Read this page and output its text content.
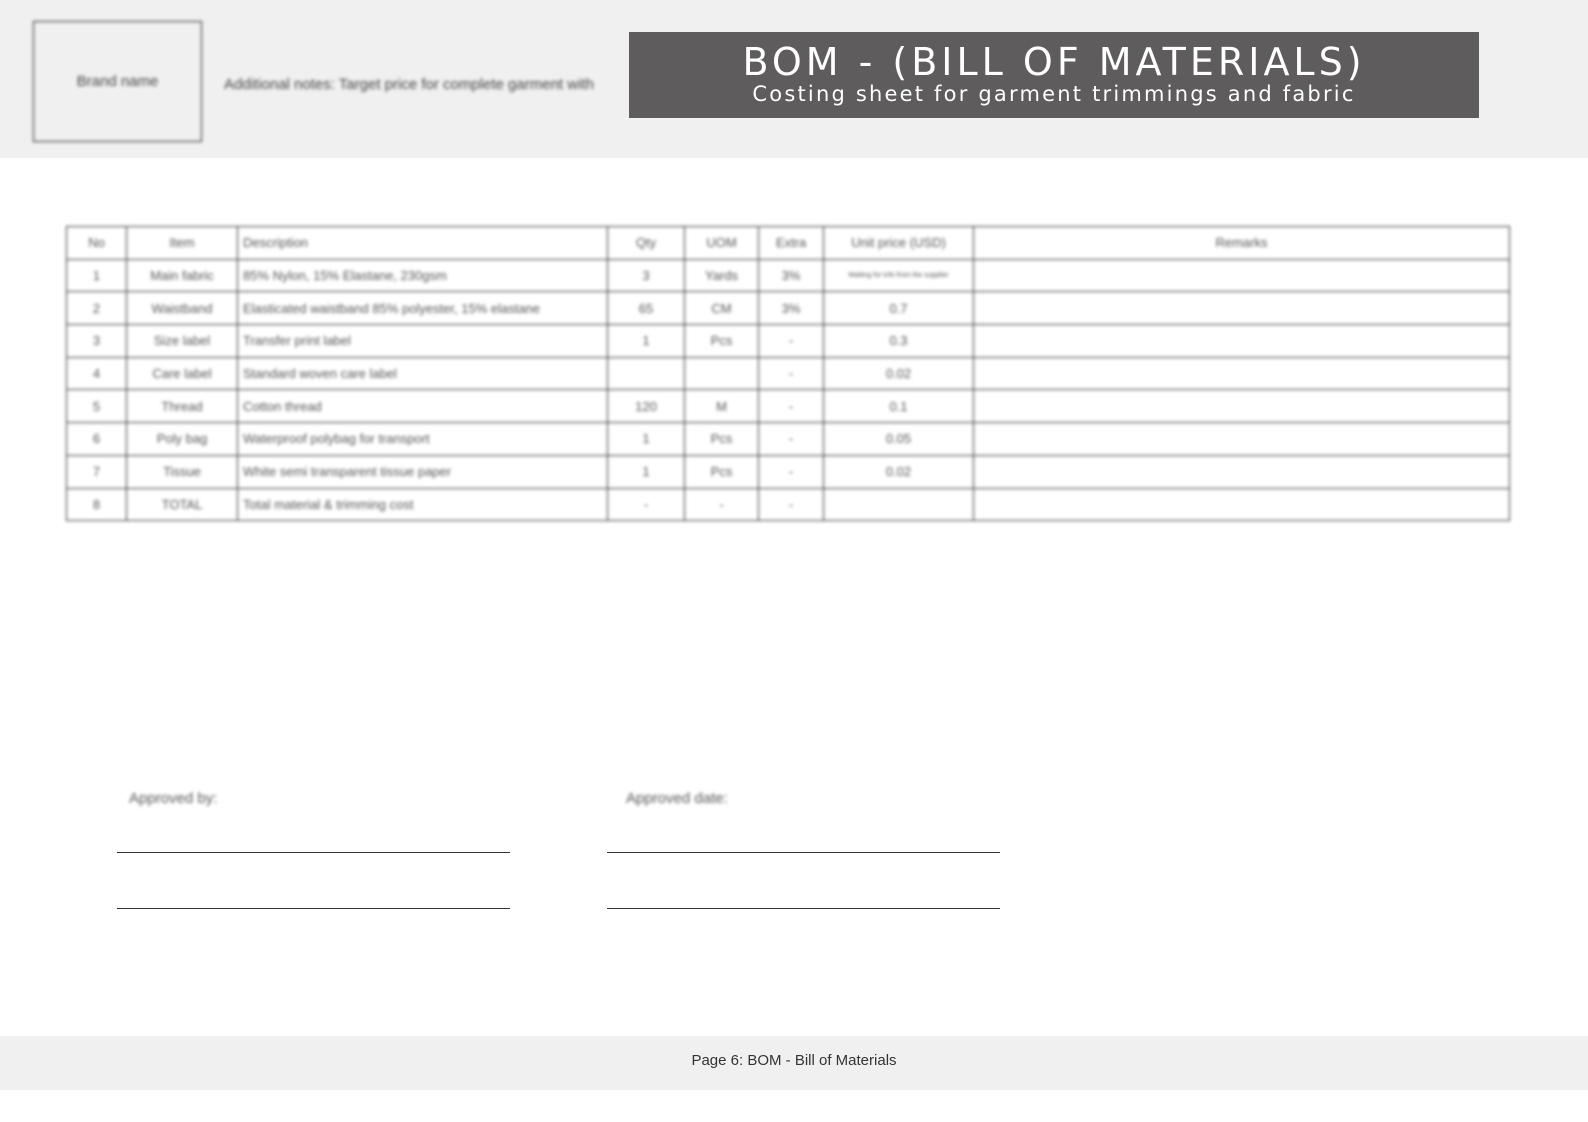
Brand name	Additional notes: Target price for complete garment with
BOM - (BILL OF MATERIALS)
Costing sheet for garment trimmings and fabric
No	Item	Description	Qty	UOM	Extra	Unit price (USD)	Remarks
1	Main fabric	85% Nylon, 15% Elastane, 230gsm	3	Yards	3%	Waiting for info from the supplier	
2	Waistband	Elasticated waistband 85% polyester, 15% elastane	65	CM	3%	0.7	
3	Size label	Transfer print label	1	Pcs	-	0.3	
4	Care label	Standard woven care label			-	0.02	
5	Thread	Cotton thread	120	M	-	0.1	
6	Poly bag	Waterproof polybag for transport	1	Pcs	-	0.05	
7	Tissue	White semi transparent tissue paper	1	Pcs	-	0.02	
8	TOTAL	Total material & trimming cost	-	-	-		
Approved by:	Approved date:
Page 6: BOM - Bill of Materials
